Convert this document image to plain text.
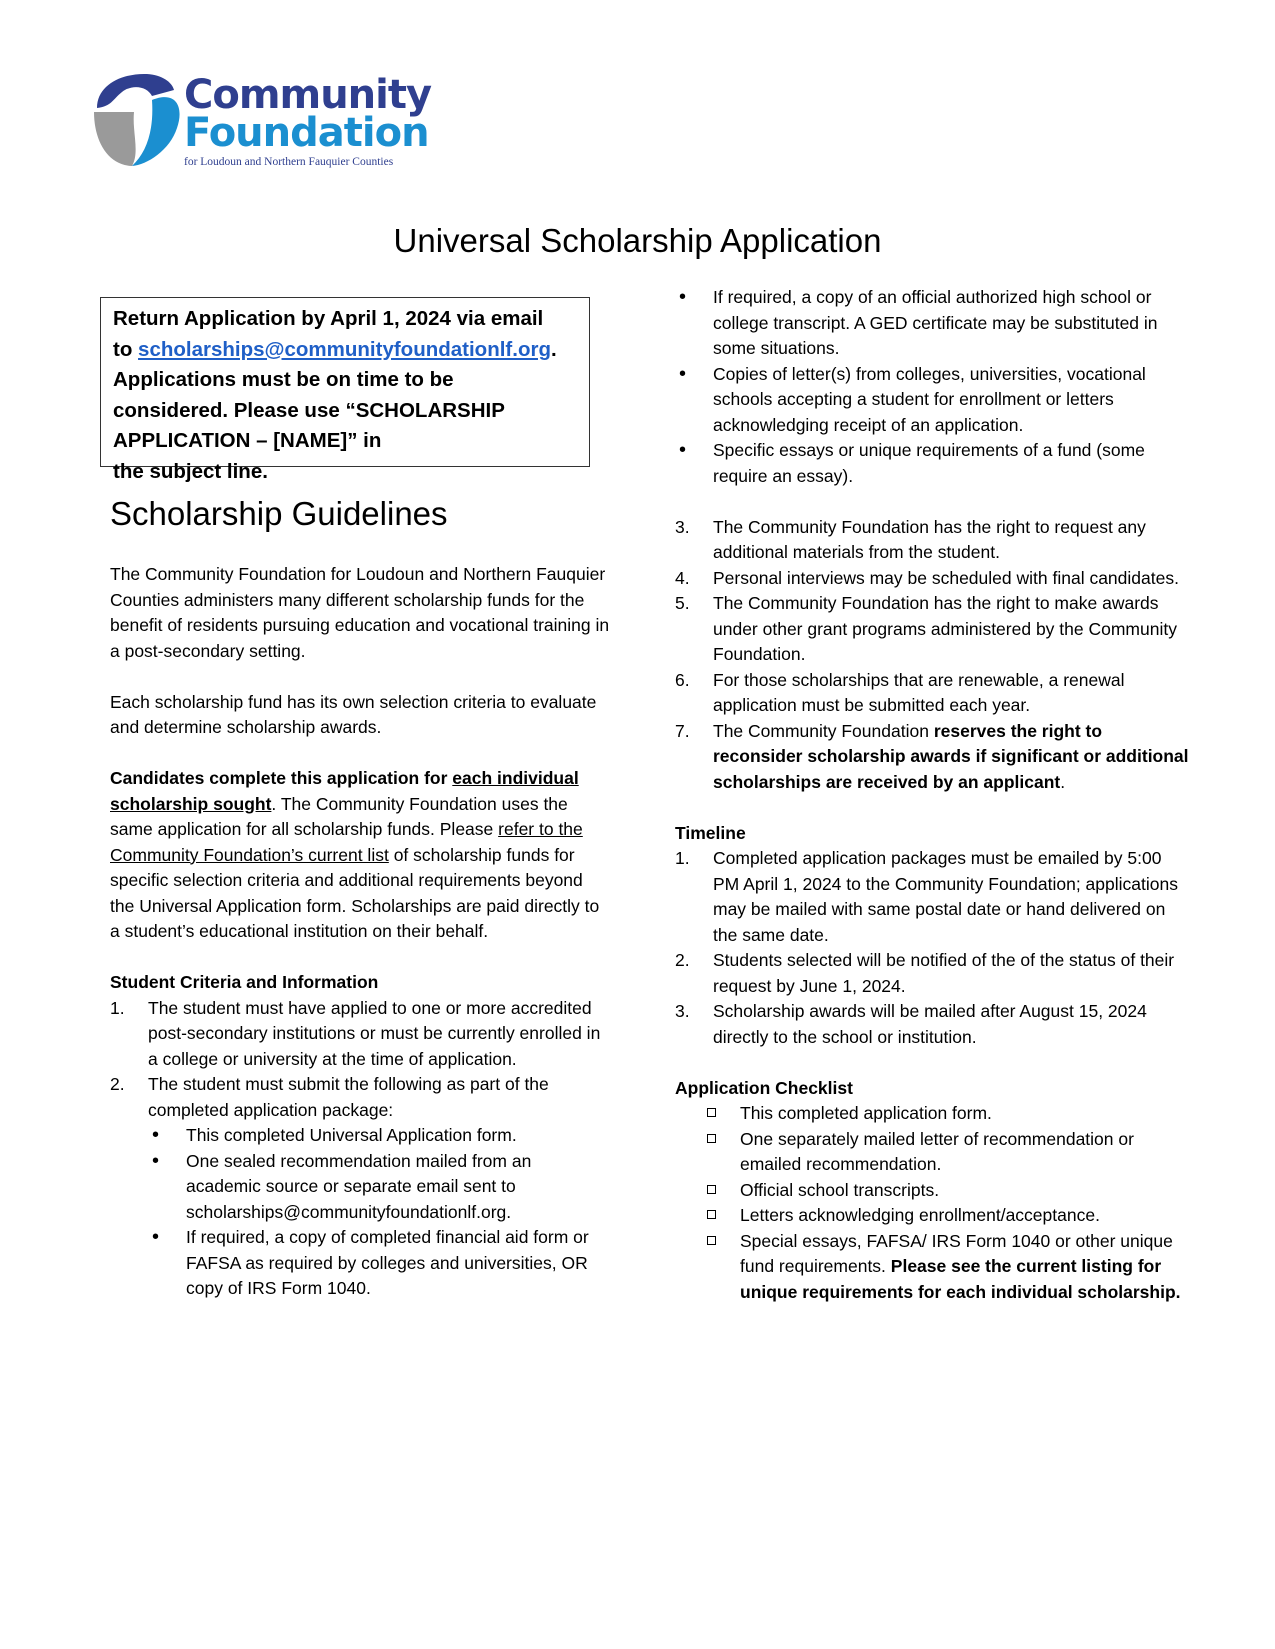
Community
Foundation
for Loudoun and Northern Fauquier Counties
Universal Scholarship Application
Return Application by April 1, 2024 via email
to scholarships@communityfoundationlf.org.
Applications must be on time to be
considered. Please use “SCHOLARSHIP
APPLICATION – [NAME]” in
the subject line.
Scholarship Guidelines

The Community Foundation for Loudoun and Northern Fauquier Counties administers many different scholarship funds for the benefit of residents pursuing education and vocational training in a post-secondary setting.

Each scholarship fund has its own selection criteria to evaluate and determine scholarship awards.

Candidates complete this application for each individual scholarship sought. The Community Foundation uses the same application for all scholarship funds. Please refer to the Community Foundation’s current list of scholarship funds for specific selection criteria and additional requirements beyond the Universal Application form. Scholarships are paid directly to a student’s educational institution on their behalf.

Student Criteria and Information
1. The student must have applied to one or more accredited post-secondary institutions or must be currently enrolled in a college or university at the time of application.
2. The student must submit the following as part of the completed application package:
• This completed Universal Application form.
• One sealed recommendation mailed from an academic source or separate email sent to scholarships@communityfoundationlf.org.
• If required, a copy of completed financial aid form or FAFSA as required by colleges and universities, OR copy of IRS Form 1040.
• If required, a copy of an official authorized high school or college transcript. A GED certificate may be substituted in some situations.
• Copies of letter(s) from colleges, universities, vocational schools accepting a student for enrollment or letters acknowledging receipt of an application.
• Specific essays or unique requirements of a fund (some require an essay).
3. The Community Foundation has the right to request any additional materials from the student.
4. Personal interviews may be scheduled with final candidates.
5. The Community Foundation has the right to make awards under other grant programs administered by the Community Foundation.
6. For those scholarships that are renewable, a renewal application must be submitted each year.
7. The Community Foundation reserves the right to reconsider scholarship awards if significant or additional scholarships are received by an applicant.
Timeline
1. Completed application packages must be emailed by 5:00 PM April 1, 2024 to the Community Foundation; applications may be mailed with same postal date or hand delivered on the same date.
2. Students selected will be notified of the of the status of their request by June 1, 2024.
3. Scholarship awards will be mailed after August 15, 2024 directly to the school or institution.
Application Checklist
This completed application form.
One separately mailed letter of recommendation or emailed recommendation.
Official school transcripts.
Letters acknowledging enrollment/acceptance.
Special essays, FAFSA/ IRS Form 1040 or other unique fund requirements. Please see the current listing for unique requirements for each individual scholarship.
